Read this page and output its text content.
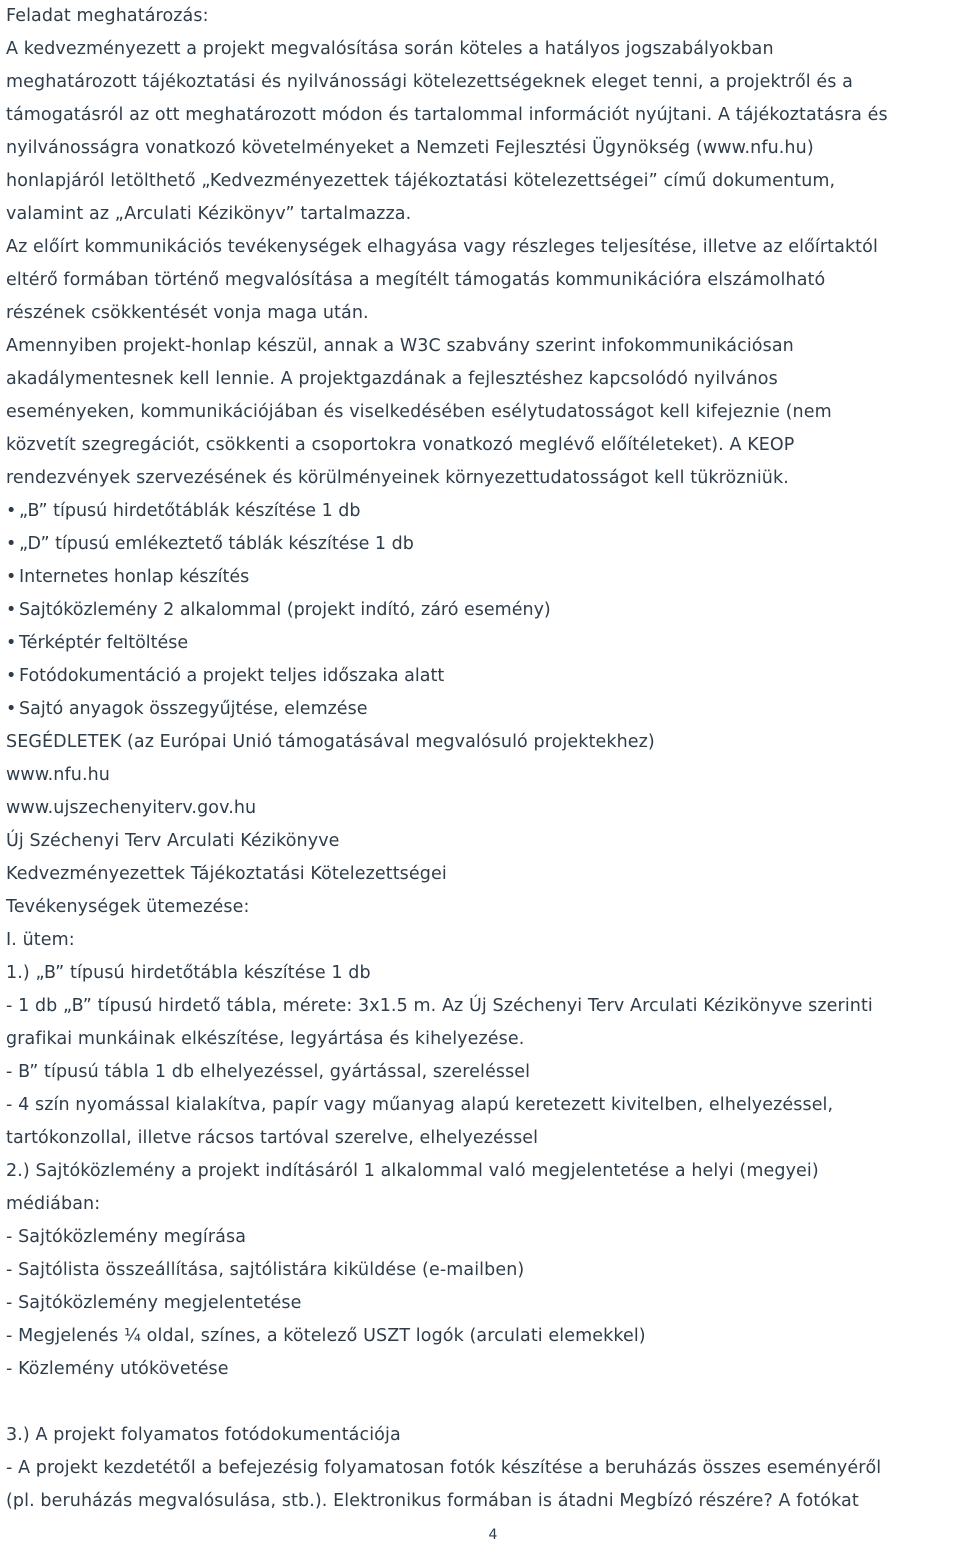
Feladat meghatározás:
A kedvezményezett a projekt megvalósítása során köteles a hatályos jogszabályokban
meghatározott tájékoztatási és nyilvánossági kötelezettségeknek eleget tenni, a projektről és a
támogatásról az ott meghatározott módon és tartalommal információt nyújtani. A tájékoztatásra és
nyilvánosságra vonatkozó követelményeket a Nemzeti Fejlesztési Ügynökség (www.nfu.hu)
honlapjáról letölthető „Kedvezményezettek tájékoztatási kötelezettségei” című dokumentum,
valamint az „Arculati Kézikönyv” tartalmazza.
Az előírt kommunikációs tevékenységek elhagyása vagy részleges teljesítése, illetve az előírtaktól
eltérő formában történő megvalósítása a megítélt támogatás kommunikációra elszámolható
részének csökkentését vonja maga után.
Amennyiben projekt-honlap készül, annak a W3C szabvány szerint infokommunikációsan
akadálymentesnek kell lennie. A projektgazdának a fejlesztéshez kapcsolódó nyilvános
eseményeken, kommunikációjában és viselkedésében esélytudatosságot kell kifejeznie (nem
közvetít szegregációt, csökkenti a csoportokra vonatkozó meglévő előítéleteket). A KEOP
rendezvények szervezésének és körülményeinek környezettudatosságot kell tükrözniük.
• „B” típusú hirdetőtáblák készítése 1 db
• „D” típusú emlékeztető táblák készítése 1 db
• Internetes honlap készítés
• Sajtóközlemény 2 alkalommal (projekt indító, záró esemény)
• Térképtér feltöltése
• Fotódokumentáció a projekt teljes időszaka alatt
• Sajtó anyagok összegyűjtése, elemzése
SEGÉDLETEK (az Európai Unió támogatásával megvalósuló projektekhez)
www.nfu.hu
www.ujszechenyiterv.gov.hu
Új Széchenyi Terv Arculati Kézikönyve
Kedvezményezettek Tájékoztatási Kötelezettségei
Tevékenységek ütemezése:
I. ütem:
1.) „B” típusú hirdetőtábla készítése 1 db
- 1 db „B” típusú hirdető tábla, mérete: 3x1.5 m. Az Új Széchenyi Terv Arculati Kézikönyve szerinti
grafikai munkáinak elkészítése, legyártása és kihelyezése.
- B” típusú tábla 1 db elhelyezéssel, gyártással, szereléssel
- 4 szín nyomással kialakítva, papír vagy műanyag alapú keretezett kivitelben, elhelyezéssel,
tartókonzollal, illetve rácsos tartóval szerelve, elhelyezéssel
2.) Sajtóközlemény a projekt indításáról 1 alkalommal való megjelentetése a helyi (megyei)
médiában:
- Sajtóközlemény megírása
- Sajtólista összeállítása, sajtólistára kiküldése (e-mailben)
- Sajtóközlemény megjelentetése
- Megjelenés ¼ oldal, színes, a kötelező USZT logók (arculati elemekkel)
- Közlemény utókövetése
3.) A projekt folyamatos fotódokumentációja
- A projekt kezdetétől a befejezésig folyamatosan fotók készítése a beruházás összes eseményéről
(pl. beruházás megvalósulása, stb.). Elektronikus formában is átadni Megbízó részére? A fotókat
4
